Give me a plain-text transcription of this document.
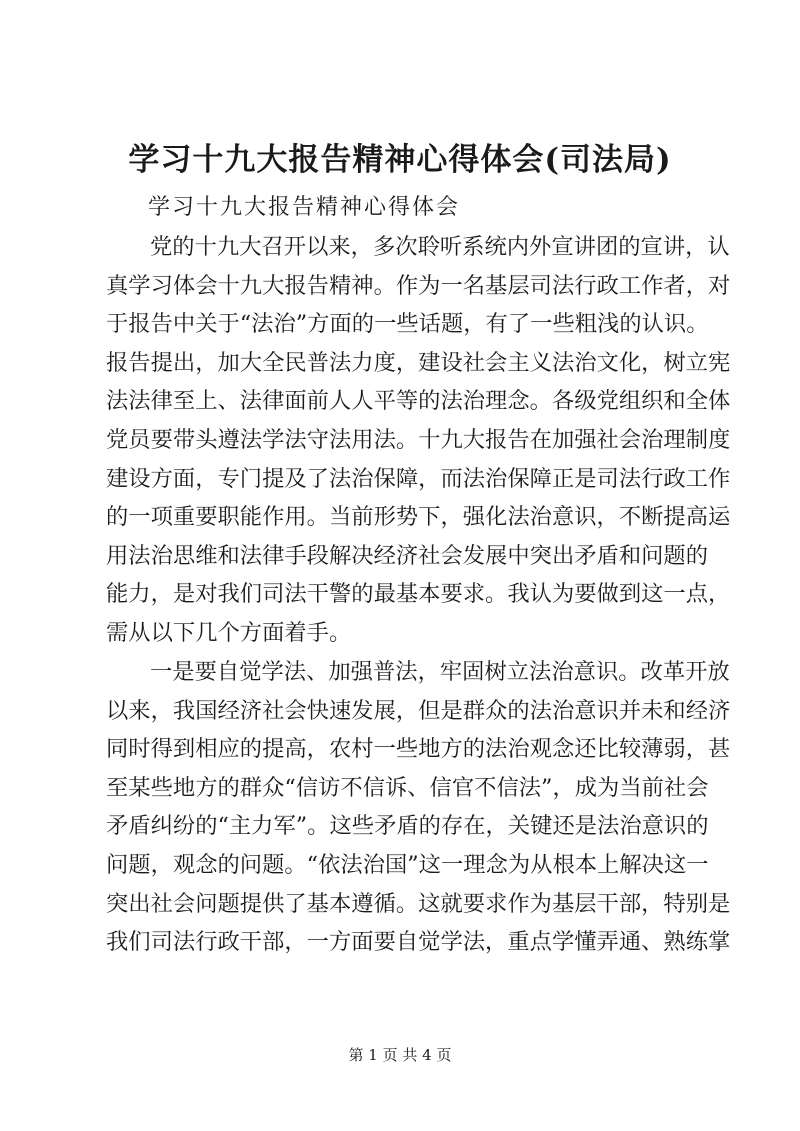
学习十九大报告精神心得体会(司法局)

学习十九大报告精神心得体会

党的十九大召开以来，多次聆听系统内外宣讲团的宣讲，认
真学习体会十九大报告精神。作为一名基层司法行政工作者，对
于报告中关于“法治”方面的一些话题，有了一些粗浅的认识。
报告提出，加大全民普法力度，建设社会主义法治文化，树立宪
法法律至上、法律面前人人平等的法治理念。各级党组织和全体
党员要带头遵法学法守法用法。十九大报告在加强社会治理制度
建设方面，专门提及了法治保障，而法治保障正是司法行政工作
的一项重要职能作用。当前形势下，强化法治意识，不断提高运
用法治思维和法律手段解决经济社会发展中突出矛盾和问题的
能力，是对我们司法干警的最基本要求。我认为要做到这一点，
需从以下几个方面着手。
一是要自觉学法、加强普法，牢固树立法治意识。改革开放
以来，我国经济社会快速发展，但是群众的法治意识并未和经济
同时得到相应的提高，农村一些地方的法治观念还比较薄弱，甚
至某些地方的群众“信访不信诉、信官不信法”，成为当前社会
矛盾纠纷的“主力军”。这些矛盾的存在，关键还是法治意识的
问题，观念的问题。“依法治国”这一理念为从根本上解决这一
突出社会问题提供了基本遵循。这就要求作为基层干部，特别是
我们司法行政干部，一方面要自觉学法，重点学懂弄通、熟练掌

第 1 页 共 4 页
